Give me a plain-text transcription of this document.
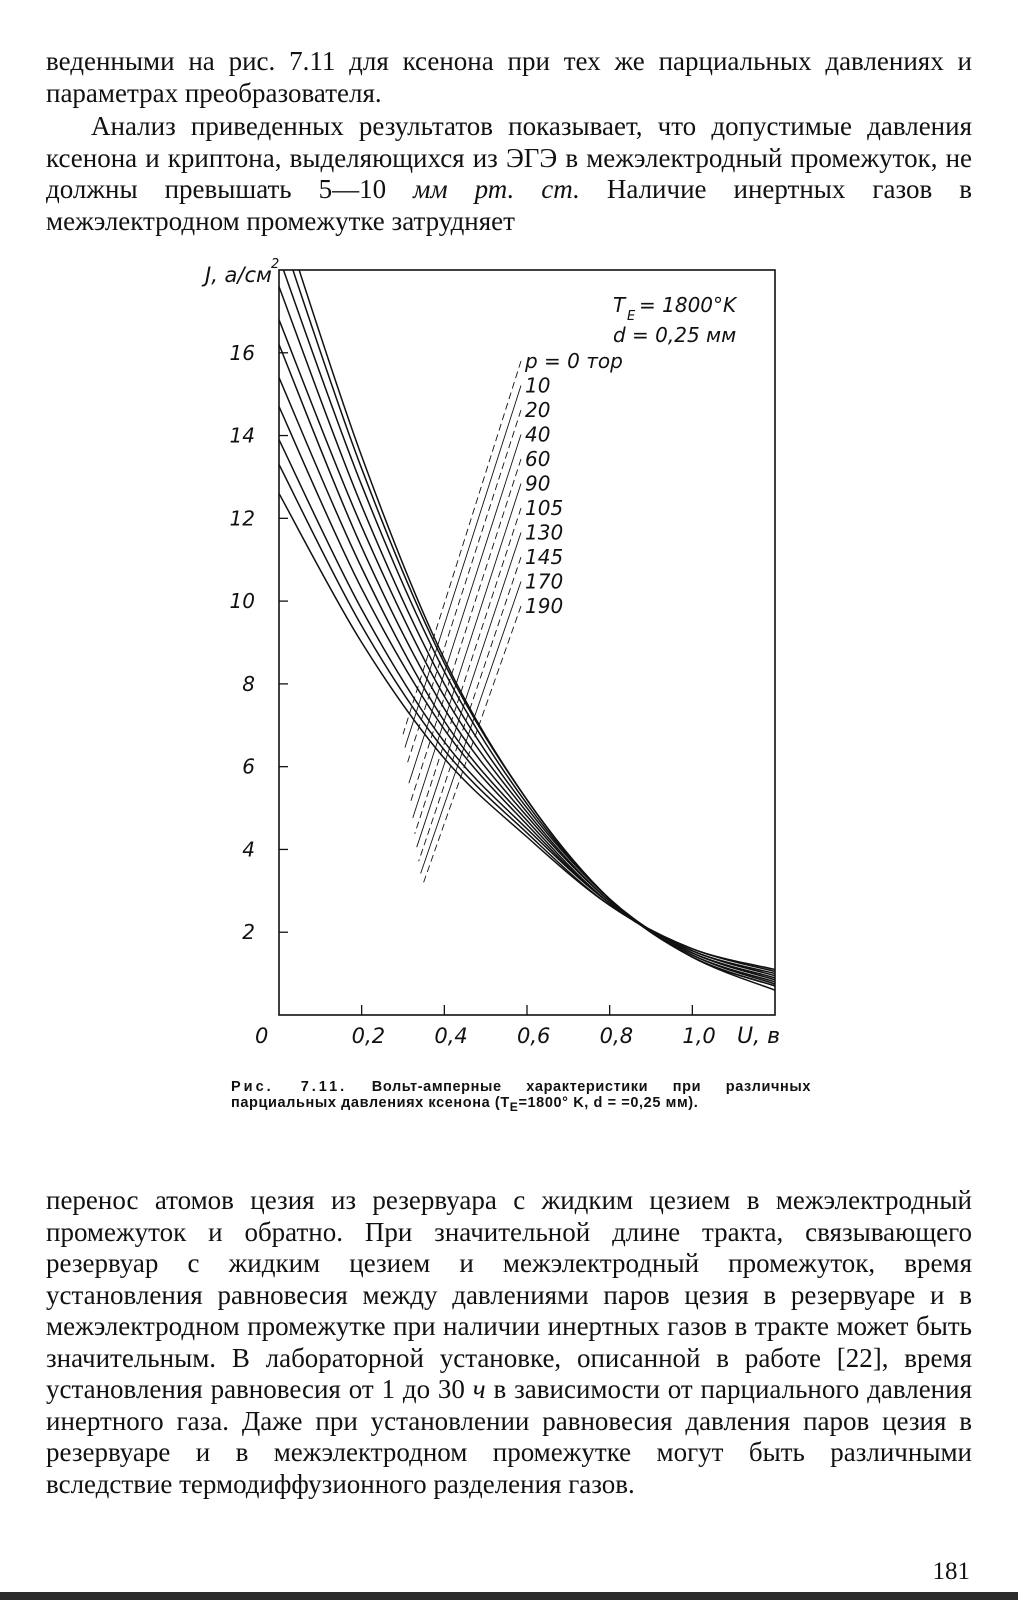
веденными на рис. 7.11 для ксенона при тех же парциальных давлениях и параметрах преобразователя.

Анализ приведенных результатов показывает, что допустимые давления ксенона и криптона, выделяющихся из ЭГЭ в межэлектродный промежуток, не должны превышать 5—10 мм рт. ст. Наличие инертных газов в межэлектродном промежутке затрудняет

0,2 0,4 0,6 0,8 1,0
0	U, в
2
4
6
8
10
12
14
16
J, а/см 2
T E = 1800°K
d = 0,25 мм
p = 0 тор
10
20
40
60
90
105
130
145
170
190

Рис. 7.11. Вольт-амперные характеристики при различных парциальных давлениях ксенона ($T_E=1800^\circ$ K, d = =0,25 мм).

перенос атомов цезия из резервуара с жидким цезием в межэлектродный промежуток и обратно. При значительной длине тракта, связывающего резервуар с жидким цезием и межэлектродный промежуток, время установления равновесия между давлениями паров цезия в резервуаре и в межэлектродном промежутке при наличии инертных газов в тракте может быть значительным. В лабораторной установке, описанной в работе [22], время установления равновесия от 1 до 30 ч в зависимости от парциального давления инертного газа. Даже при установлении равновесия давления паров цезия в резервуаре и в межэлектродном промежутке могут быть различными вследствие термодиффузионного разделения газов.

181
